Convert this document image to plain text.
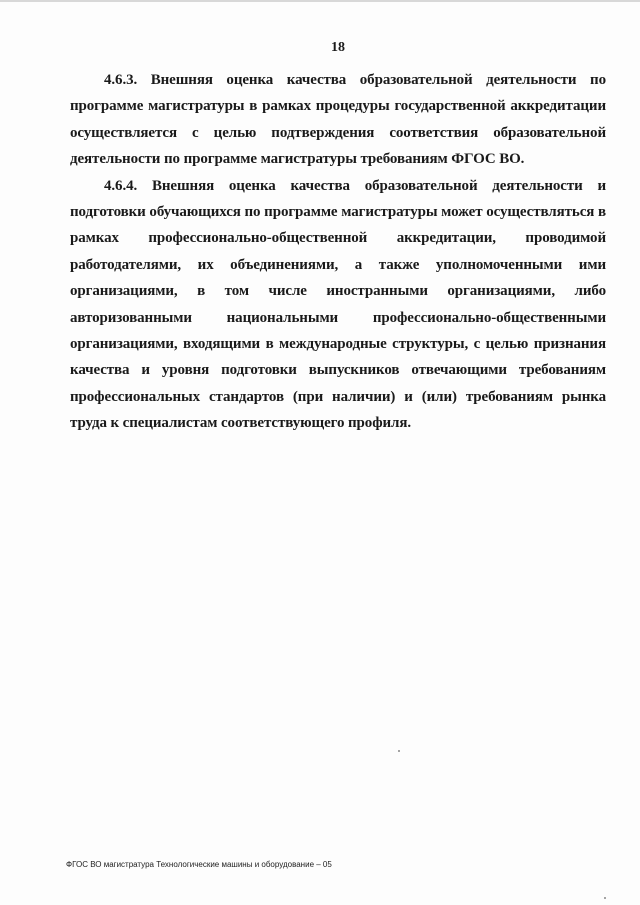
18

4.6.3. Внешняя оценка качества образовательной деятельности по программе магистратуры в рамках процедуры государственной аккредитации осуществляется с целью подтверждения соответствия образовательной деятельности по программе магистратуры требованиям ФГОС ВО.

4.6.4. Внешняя оценка качества образовательной деятельности и подготовки обучающихся по программе магистратуры может осуществляться в рамках профессионально-общественной аккредитации, проводимой работодателями, их объединениями, а также уполномоченными ими организациями, в том числе иностранными организациями, либо авторизованными национальными профессионально-общественными организациями, входящими в международные структуры, с целью признания качества и уровня подготовки выпускников отвечающими требованиям профессиональных стандартов (при наличии) и (или) требованиям рынка труда к специалистам соответствующего профиля.

ФГОС ВО магистратура Технологические машины и оборудование – 05
